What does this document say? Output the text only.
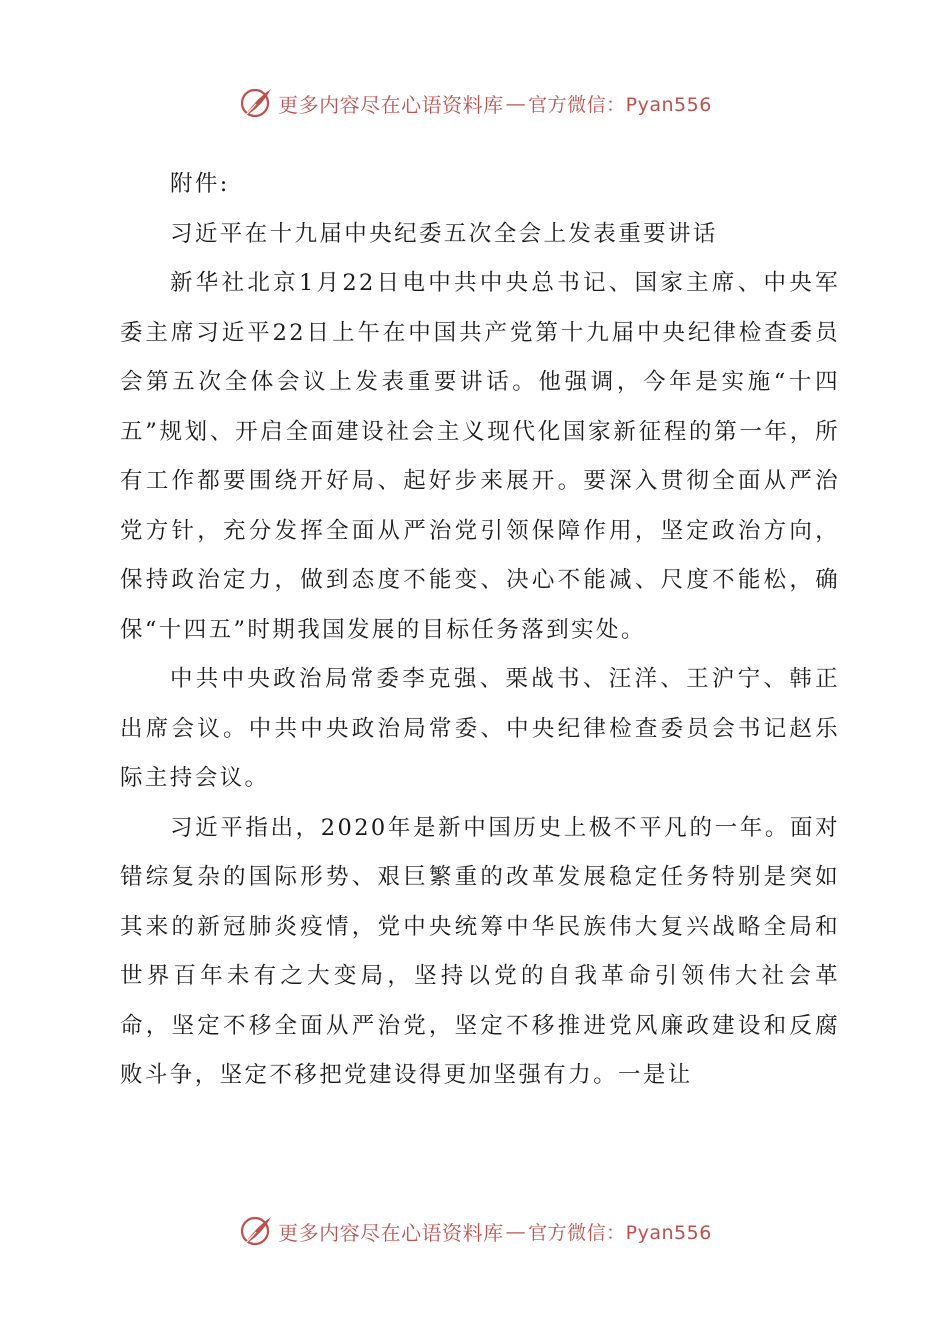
更多内容尽在心语资料库 — 官方微信：Pyan556

附件:

习近平在十九届中央纪委五次全会上发表重要讲话

新华社北京1月22日电中共中央总书记、国家主席、中央军委主席习近平22日上午在中国共产党第十九届中央纪律检查委员会第五次全体会议上发表重要讲话。他强调，今年是实施“十四五”规划、开启全面建设社会主义现代化国家新征程的第一年，所有工作都要围绕开好局、起好步来展开。要深入贯彻全面从严治党方针，充分发挥全面从严治党引领保障作用，坚定政治方向，保持政治定力，做到态度不能变、决心不能减、尺度不能松，确保“十四五”时期我国发展的目标任务落到实处。

中共中央政治局常委李克强、栗战书、汪洋、王沪宁、韩正出席会议。中共中央政治局常委、中央纪律检查委员会书记赵乐际主持会议。

习近平指出，2020年是新中国历史上极不平凡的一年。面对错综复杂的国际形势、艰巨繁重的改革发展稳定任务特别是突如其来的新冠肺炎疫情，党中央统筹中华民族伟大复兴战略全局和世界百年未有之大变局，坚持以党的自我革命引领伟大社会革命，坚定不移全面从严治党，坚定不移推进党风廉政建设和反腐败斗争，坚定不移把党建设得更加坚强有力。一是让

更多内容尽在心语资料库 — 官方微信：Pyan556
